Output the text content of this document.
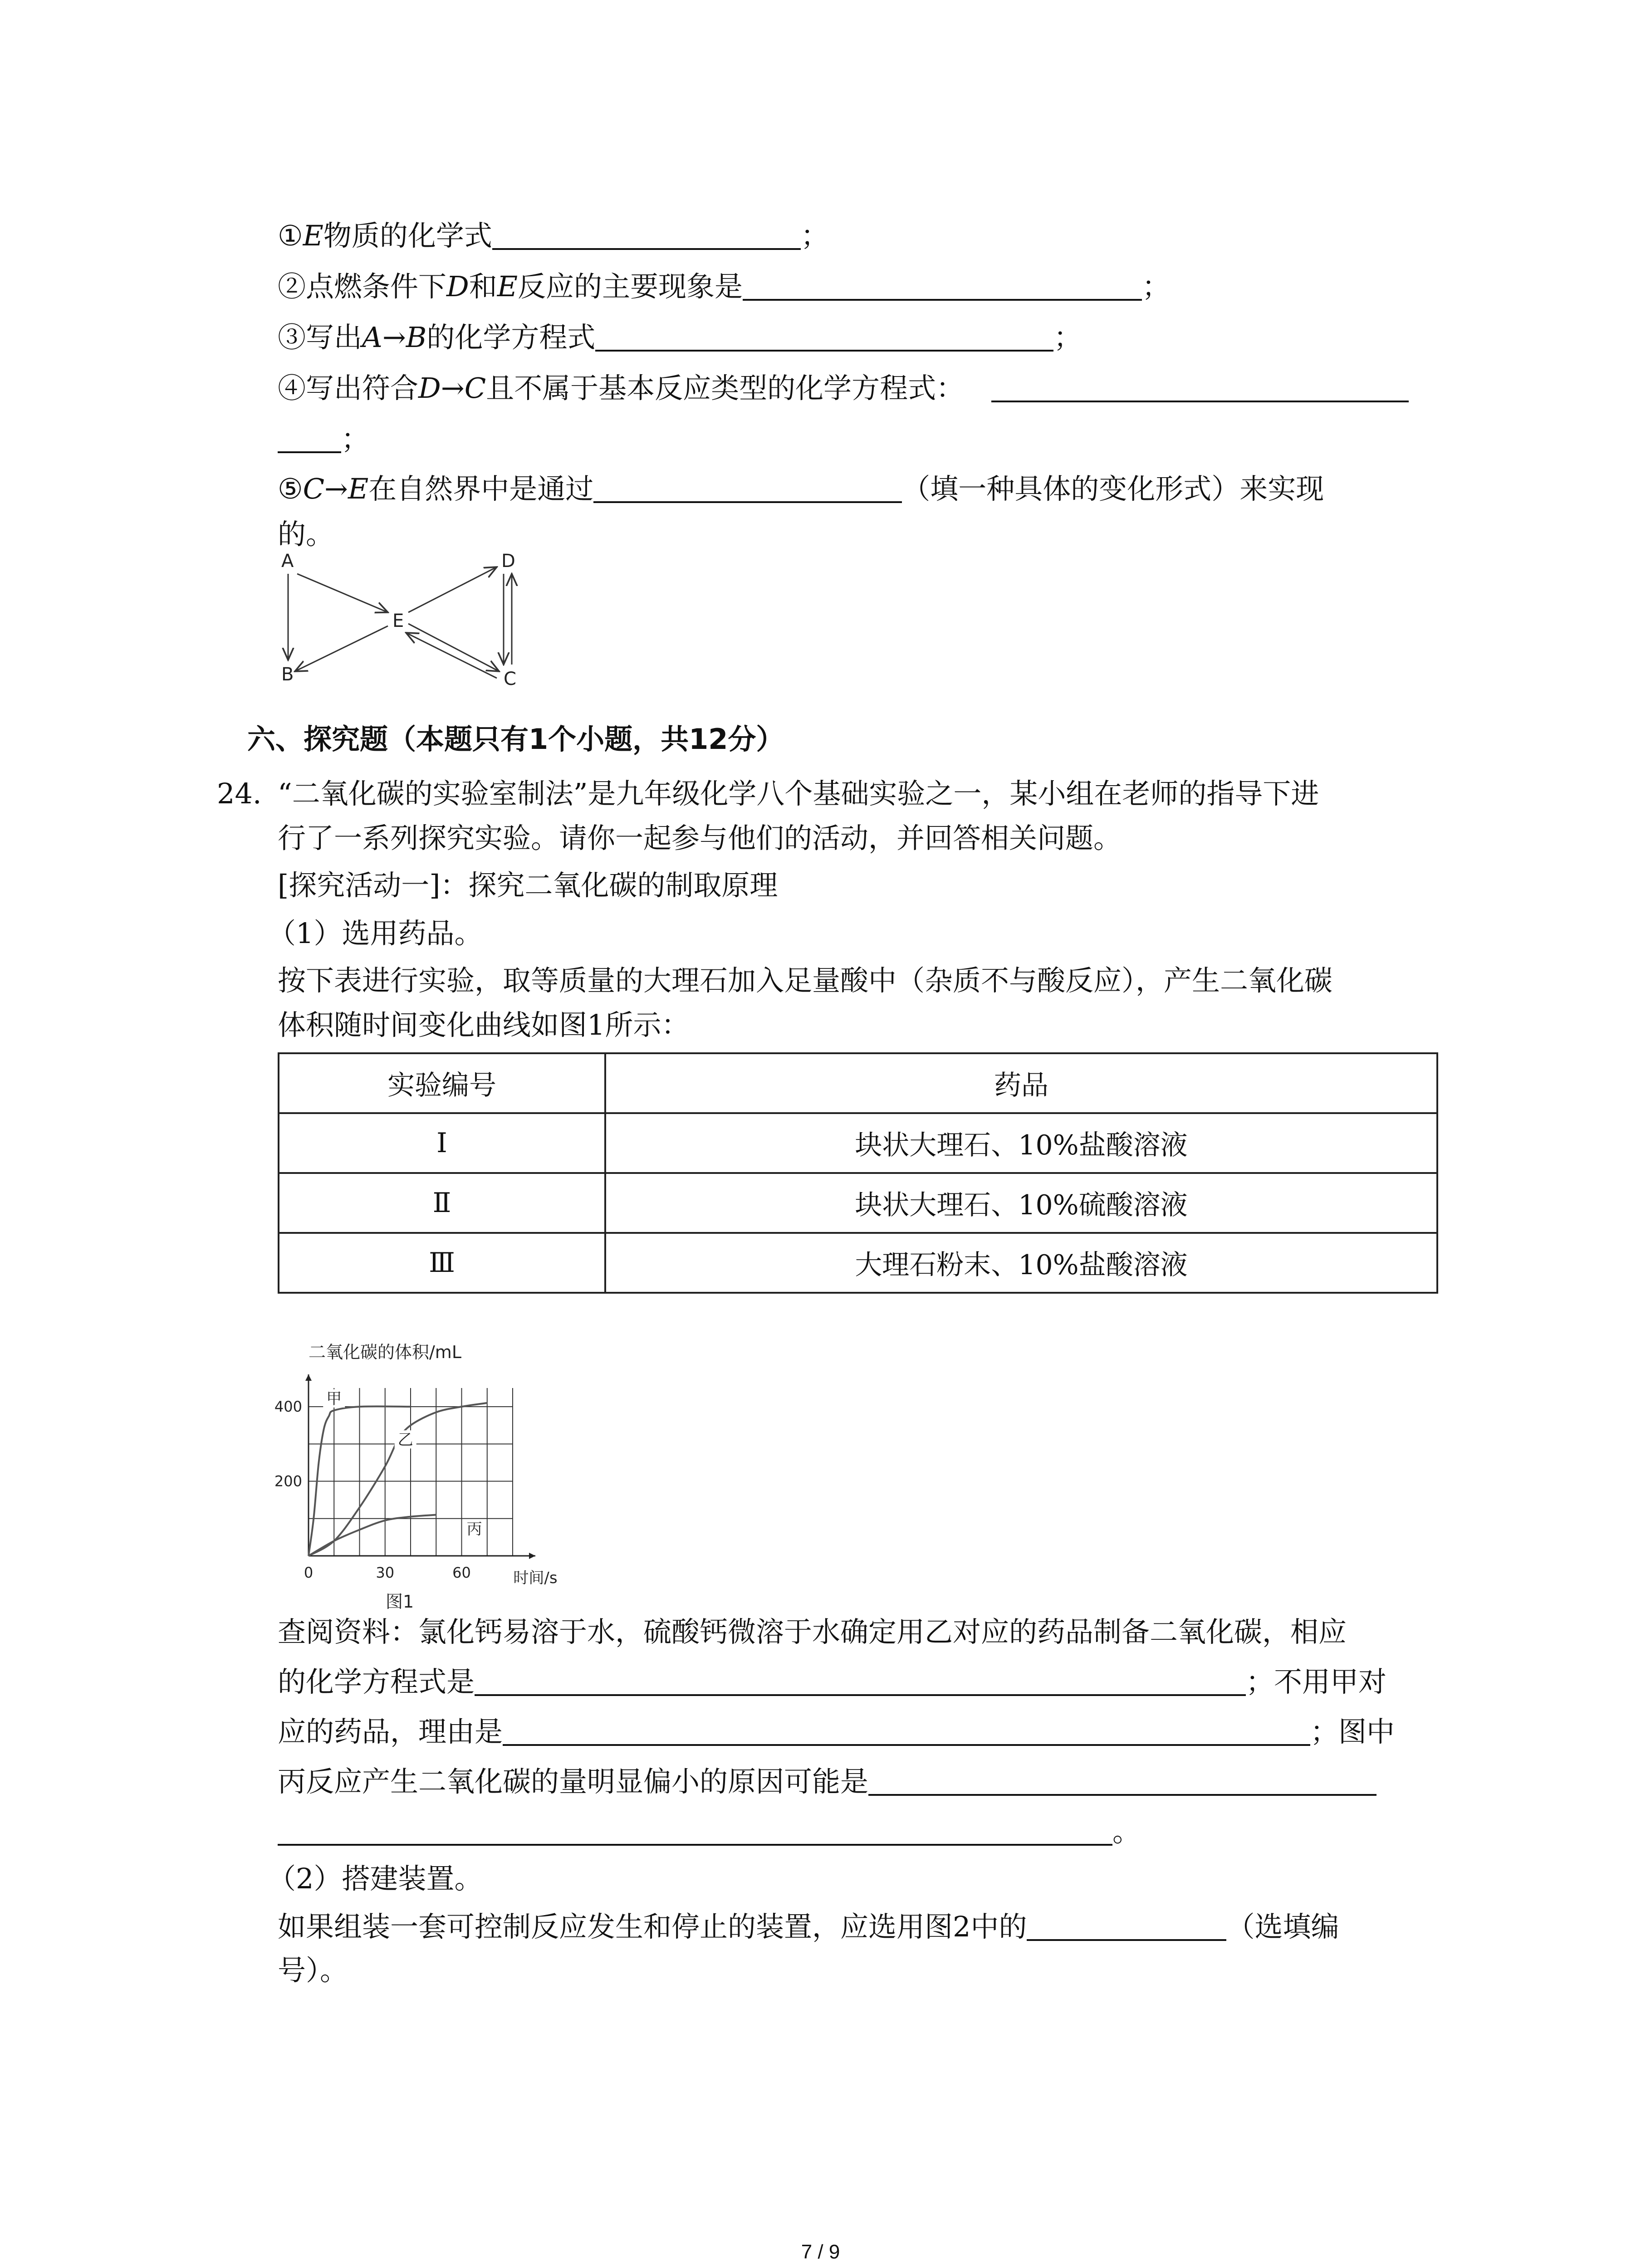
①E物质的化学式	；
②点燃条件下D和E反应的主要现象是	；
③写出A→B的化学方程式	；
④写出符合D→C且不属于基本反应类型的化学方程式：
；
⑤C→E在自然界中是通过	（填一种具体的变化形式）来实现
的。
A
B
E
D
C
六、探究题（本题只有1个小题，共12分）
24. “二氧化碳的实验室制法”是九年级化学八个基础实验之一，某小组在老师的指导下进
行了一系列探究实验。请你一起参与他们的活动，并回答相关问题。
[探究活动一]：探究二氧化碳的制取原理
（1）选用药品。
按下表进行实验，取等质量的大理石加入足量酸中（杂质不与酸反应），产生二氧化碳
体积随时间变化曲线如图1所示：
实验编号	药品
Ⅰ	块状大理石、10%盐酸溶液
Ⅱ	块状大理石、10%硫酸溶液
Ⅲ	大理石粉末、10%盐酸溶液
二氧化碳的体积/mL
0	30	60
200
400
时间/s
甲
乙
丙
图1
查阅资料：氯化钙易溶于水，硫酸钙微溶于水确定用乙对应的药品制备二氧化碳，相应
的化学方程式是	；不用甲对
应的药品，理由是	；图中
丙反应产生二氧化碳的量明显偏小的原因可能是
。
（2）搭建装置。
如果组装一套可控制反应发生和停止的装置，应选用图2中的	（选填编
号）。
7 / 9
